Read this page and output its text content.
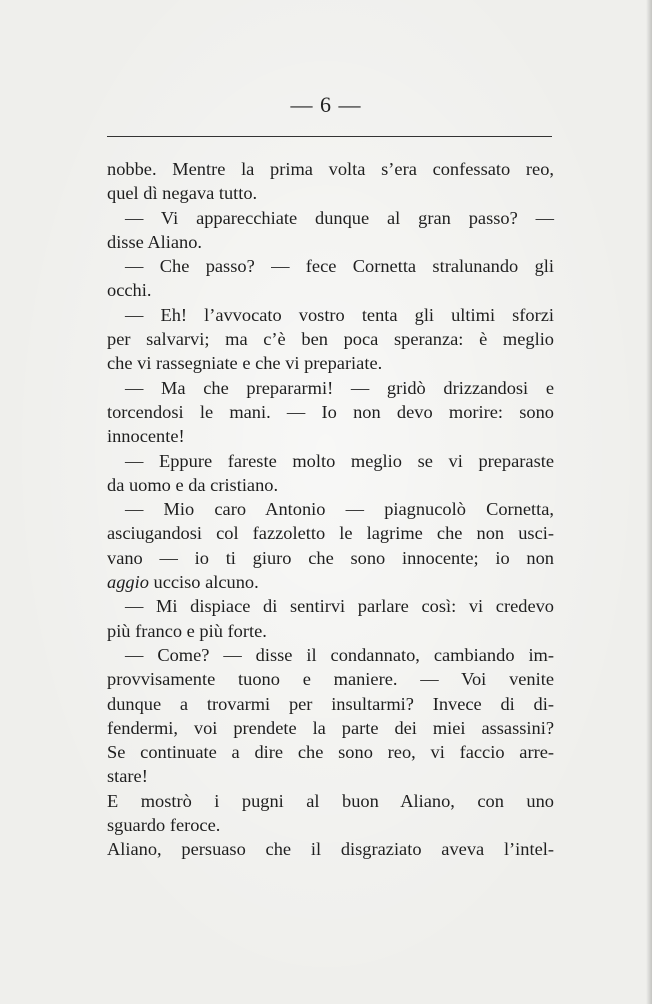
— 6 —
nobbe. Mentre la prima volta s’era confessato reo,
quel dì negava tutto.
— Vi apparecchiate dunque al gran passo? —
disse Aliano.
— Che passo? — fece Cornetta stralunando gli
occhi.
— Eh! l’avvocato vostro tenta gli ultimi sforzi
per salvarvi; ma c’è ben poca speranza: è meglio
che vi rassegniate e che vi prepariate.
— Ma che prepararmi! — gridò drizzandosi e
torcendosi le mani. — Io non devo morire: sono
innocente!
— Eppure fareste molto meglio se vi preparaste
da uomo e da cristiano.
— Mio caro Antonio — piagnucolò Cornetta,
asciugandosi col fazzoletto le lagrime che non usci-
vano — io ti giuro che sono innocente; io non
aggio ucciso alcuno.
— Mi dispiace di sentirvi parlare così: vi credevo
più franco e più forte.
— Come? — disse il condannato, cambiando im-
provvisamente tuono e maniere. — Voi venite
dunque a trovarmi per insultarmi? Invece di di-
fendermi, voi prendete la parte dei miei assassini?
Se continuate a dire che sono reo, vi faccio arre-
stare!
E mostrò i pugni al buon Aliano, con uno
sguardo feroce.
Aliano, persuaso che il disgraziato aveva l’intel-
